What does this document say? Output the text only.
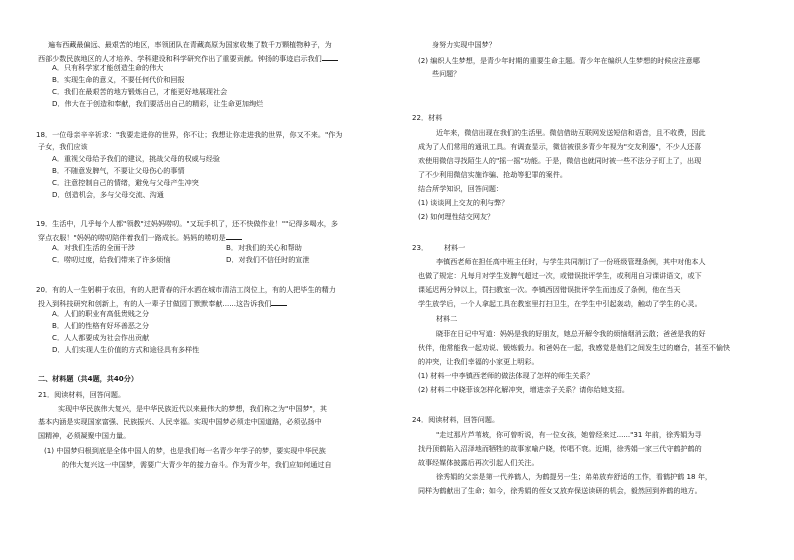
遍布西藏最偏远、最艰苦的地区，率领团队在青藏高原为国家收集了数千万颗植物种子，为
西部少数民族地区的人才培养、学科建设和科学研究作出了重要贡献。钟扬的事迹启示我们
A．只有科学家才能创造生命的伟大
B．实现生命的意义，不要任何代价和回报
C．我们在最艰苦的地方锻炼自己，才能更好地展现社会
D．伟大在于创造和奉献，我们要活出自己的精彩，让生命更加绚烂
18．一位母亲辛辛祈求："我要走进你的世界，你不让；我想让你走进我的世界，你又不来。"作为
子女，我们应该
A．重视父母给予我们的建议，挑战父母的权威与经验
B．不随意发脾气，不要让父母伤心的事情
C．注意控制自己的情绪，避免与父母产生冲突
D．创造机会，多与父母交流、沟通
19．生活中，几乎每个人都"领教"过妈妈唠叨。"又玩手机了，还不快做作业！""记得多喝水，多
穿点衣服！"妈妈的唠叨陪伴着我们一路成长。妈妈的唠叨是
A．对我们生活的全面干涉	B．对我们的关心和帮助
C．唠叨过度，给我们带来了许多烦恼	D．对我们不信任时的宣泄
20．有的人一生躬耕于农田，有的人把青春的汗水洒在城市清洁工岗位上，有的人把毕生的精力
投入到科技研究和创新上，有的人一辈子甘做园丁默默奉献......这告诉我们
A．人们的职业有高低贵贱之分
B．人们的性格有好坏善恶之分
C．人人都要成为社会作出贡献
D．人们实现人生价值的方式和途径具有多样性
二、材料题（共4题，共40分）
21．阅读材料，回答问题。
实现中华民族伟大复兴，是中华民族近代以来最伟大的梦想，我们称之为"中国梦"，其
基本内涵是实现国家富强、民族振兴、人民幸福。实现中国梦必须走中国道路，必须弘扬中
国精神，必须凝聚中国力量。
(1) 中国梦归根到底是全体中国人的梦，也是我们每一名青少年学子的梦，要实现中华民族
的伟大复兴这一中国梦，需要广大青少年的接力奋斗。作为青少年，我们应如何通过自
身努力实现中国梦？
(2) 编织人生梦想，是青少年时期的重要生命主题。青少年在编织人生梦想的时候应注意哪
些问题？
22．材料
近年来，微信出现在我们的生活里。微信借助互联网发送短信和语音，且不收费，因此
成为了人们常用的通讯工具。有调查显示，微信被很多青少年视为"交友利器"，不少人还喜
欢使用微信寻找陌生人的"摇一摇"功能。于是，微信也就同时被一些不法分子盯上了，出现
了不少利用微信实施诈骗、抢劫等犯罪的案件。
结合所学知识，回答问题：
(1) 谈谈网上交友的利与弊？
(2) 如何理性结交网友？
23． 材料一
李镇西老师在担任高中班主任时，与学生共同制订了一份班级管理条例，其中对他本人
也做了规定：凡每月对学生发脾气超过一次，或错误批评学生，或利用自习课讲语文，或下
课延迟两分钟以上，罚扫教室一次。李镇西因错误批评学生而违反了条例，他在当天
学生放学后，一个人拿起工具在教室里打扫卫生，在学生中引起轰动，触动了学生的心灵。
材料二
晓菲在日记中写道：妈妈是我的好朋友，她总开解令我的烦恼烟消云散；爸爸是我的好
伙伴，他常能我一起劝说、锻炼毅力。和爸妈在一起，我感觉是他们之间发生过的磨合，甚至不愉快
的冲突，让我们幸福的小家更上明彩。
(1) 材料一中李镇西老师的做法体现了怎样的师生关系？
(2) 材料二中晓菲该怎样化解冲突，增进亲子关系？请你给她支招。
24．阅读材料，回答问题。
"走过那片芦苇坡，你可曾听说，有一位女孩，她曾经来过......"31 年前，徐秀娟为寻
找丹顶鹤陷入沼泽地而牺牲的故事家喻户晓，传唱不衰。近期，徐秀娟一家三代守鹤护鹤的
故事经媒体披露后再次引起人们关注。
徐秀娟的父亲是第一代养鹤人，为鹤提另一生；弟弟放弃舒适的工作，看鹤护鹤 18 年，
同样为鹤献出了生命；如今，徐秀娟的侄女又放弃保送读研的机会，毅然回到养鹤的地方。
